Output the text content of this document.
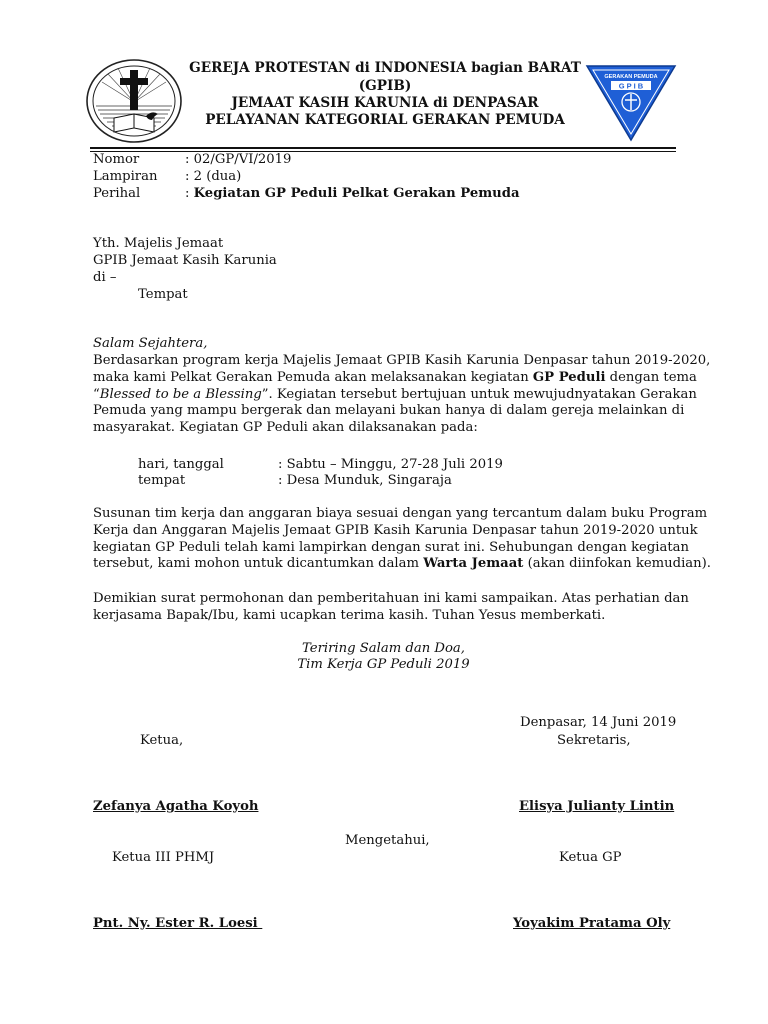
GEREJA PROTESTAN di INDONESIA bagian BARAT
(GPIB)
JEMAAT KASIH KARUNIA di DENPASAR
PELAYANAN KATEGORIAL GERAKAN PEMUDA
GERAKAN PEMUDA
G P I B
Nomor	: 02/GP/VI/2019
Lampiran : 2 (dua)
Perihal	: Kegiatan GP Peduli Pelkat Gerakan Pemuda
Yth. Majelis Jemaat
GPIB Jemaat Kasih Karunia
di –
Tempat
Salam Sejahtera,
Berdasarkan program kerja Majelis Jemaat GPIB Kasih Karunia Denpasar tahun 2019-2020,
maka kami Pelkat Gerakan Pemuda akan melaksanakan kegiatan GP Peduli dengan tema
“Blessed to be a Blessing”. Kegiatan tersebut bertujuan untuk mewujudnyatakan Gerakan
Pemuda yang mampu bergerak dan melayani bukan hanya di dalam gereja melainkan di
masyarakat. Kegiatan GP Peduli akan dilaksanakan pada:
hari, tanggal	: Sabtu – Minggu, 27-28 Juli 2019
tempat	: Desa Munduk, Singaraja
Susunan tim kerja dan anggaran biaya sesuai dengan yang tercantum dalam buku Program
Kerja dan Anggaran Majelis Jemaat GPIB Kasih Karunia Denpasar tahun 2019-2020 untuk
kegiatan GP Peduli telah kami lampirkan dengan surat ini. Sehubungan dengan kegiatan
tersebut, kami mohon untuk dicantumkan dalam Warta Jemaat (akan diinfokan kemudian).
Demikian surat permohonan dan pemberitahuan ini kami sampaikan. Atas perhatian dan
kerjasama Bapak/Ibu, kami ucapkan terima kasih. Tuhan Yesus memberkati.
Teriring Salam dan Doa,
Tim Kerja GP Peduli 2019
Denpasar, 14 Juni 2019
Ketua,	Sekretaris,
Zefanya Agatha Koyoh	Elisya Julianty Lintin
Mengetahui,
Ketua III PHMJ	Ketua GP
Pnt. Ny. Ester R. Loesi	Yoyakim Pratama Oly
